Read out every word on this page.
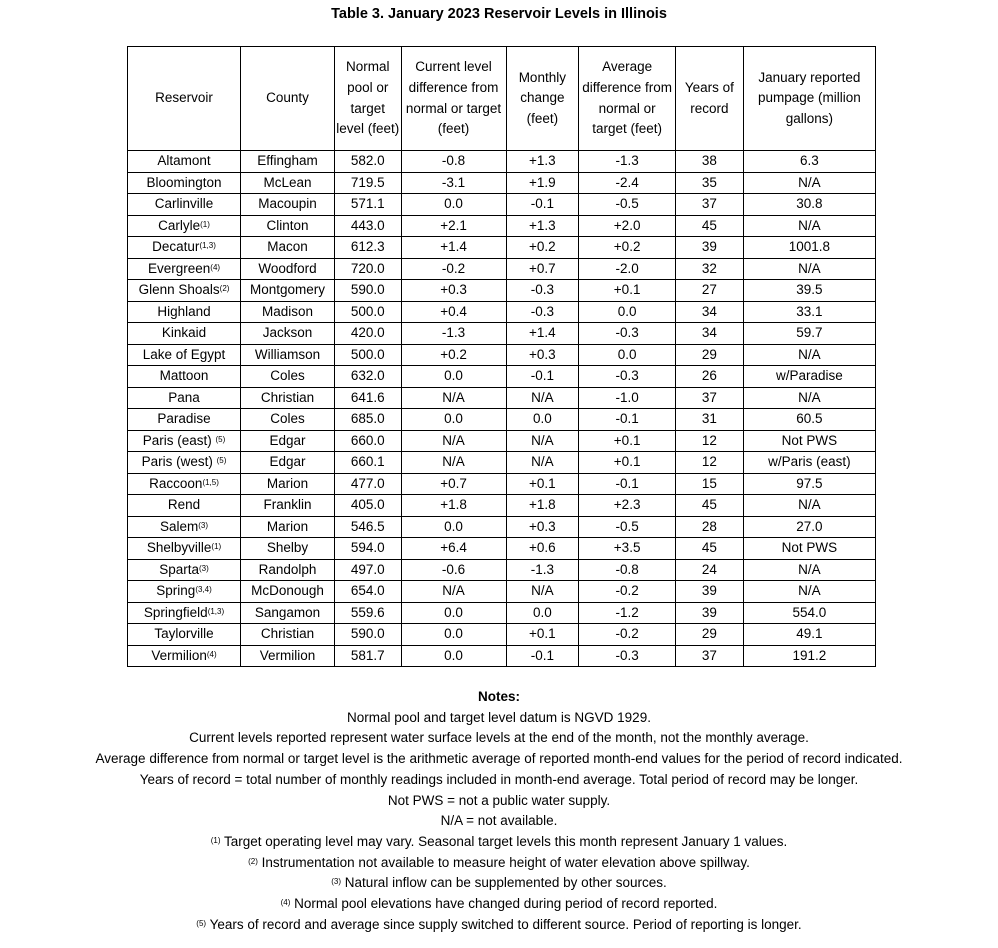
Table 3. January 2023 Reservoir Levels in Illinois
Reservoir	County	Normal pool or target level (feet)	Current level difference from normal or target (feet)	Monthly change (feet)	Average difference from normal or target (feet)	Years of record	January reported pumpage (million gallons)
Altamont	Effingham	582.0	-0.8	+1.3	-1.3	38	6.3
Bloomington	McLean	719.5	-3.1	+1.9	-2.4	35	N/A
Carlinville	Macoupin	571.1	0.0	-0.1	-0.5	37	30.8
Carlyle$^{(1)}$	Clinton	443.0	+2.1	+1.3	+2.0	45	N/A
Decatur$^{(1,3)}$	Macon	612.3	+1.4	+0.2	+0.2	39	1001.8
Evergreen$^{(4)}$	Woodford	720.0	-0.2	+0.7	-2.0	32	N/A
Glenn Shoals$^{(2)}$	Montgomery	590.0	+0.3	-0.3	+0.1	27	39.5
Highland	Madison	500.0	+0.4	-0.3	0.0	34	33.1
Kinkaid	Jackson	420.0	-1.3	+1.4	-0.3	34	59.7
Lake of Egypt	Williamson	500.0	+0.2	+0.3	0.0	29	N/A
Mattoon	Coles	632.0	0.0	-0.1	-0.3	26	w/Paradise
Pana	Christian	641.6	N/A	N/A	-1.0	37	N/A
Paradise	Coles	685.0	0.0	0.0	-0.1	31	60.5
Paris (east) $^{(5)}$	Edgar	660.0	N/A	N/A	+0.1	12	Not PWS
Paris (west) $^{(5)}$	Edgar	660.1	N/A	N/A	+0.1	12	w/Paris (east)
Raccoon$^{(1,5)}$	Marion	477.0	+0.7	+0.1	-0.1	15	97.5
Rend	Franklin	405.0	+1.8	+1.8	+2.3	45	N/A
Salem$^{(3)}$	Marion	546.5	0.0	+0.3	-0.5	28	27.0
Shelbyville$^{(1)}$	Shelby	594.0	+6.4	+0.6	+3.5	45	Not PWS
Sparta$^{(3)}$	Randolph	497.0	-0.6	-1.3	-0.8	24	N/A
Spring$^{(3,4)}$	McDonough	654.0	N/A	N/A	-0.2	39	N/A
Springfield$^{(1,3)}$	Sangamon	559.6	0.0	0.0	-1.2	39	554.0
Taylorville	Christian	590.0	0.0	+0.1	-0.2	29	49.1
Vermilion$^{(4)}$	Vermilion	581.7	0.0	-0.1	-0.3	37	191.2
Notes:
Normal pool and target level datum is NGVD 1929.
Current levels reported represent water surface levels at the end of the month, not the monthly average.
Average difference from normal or target level is the arithmetic average of reported month-end values for the period of record indicated.
Years of record = total number of monthly readings included in month-end average. Total period of record may be longer.
Not PWS = not a public water supply.
N/A = not available.
$^{(1)}$ Target operating level may vary. Seasonal target levels this month represent January 1 values.
$^{(2)}$ Instrumentation not available to measure height of water elevation above spillway.
$^{(3)}$ Natural inflow can be supplemented by other sources.
$^{(4)}$ Normal pool elevations have changed during period of record reported.
$^{(5)}$ Years of record and average since supply switched to different source. Period of reporting is longer.
